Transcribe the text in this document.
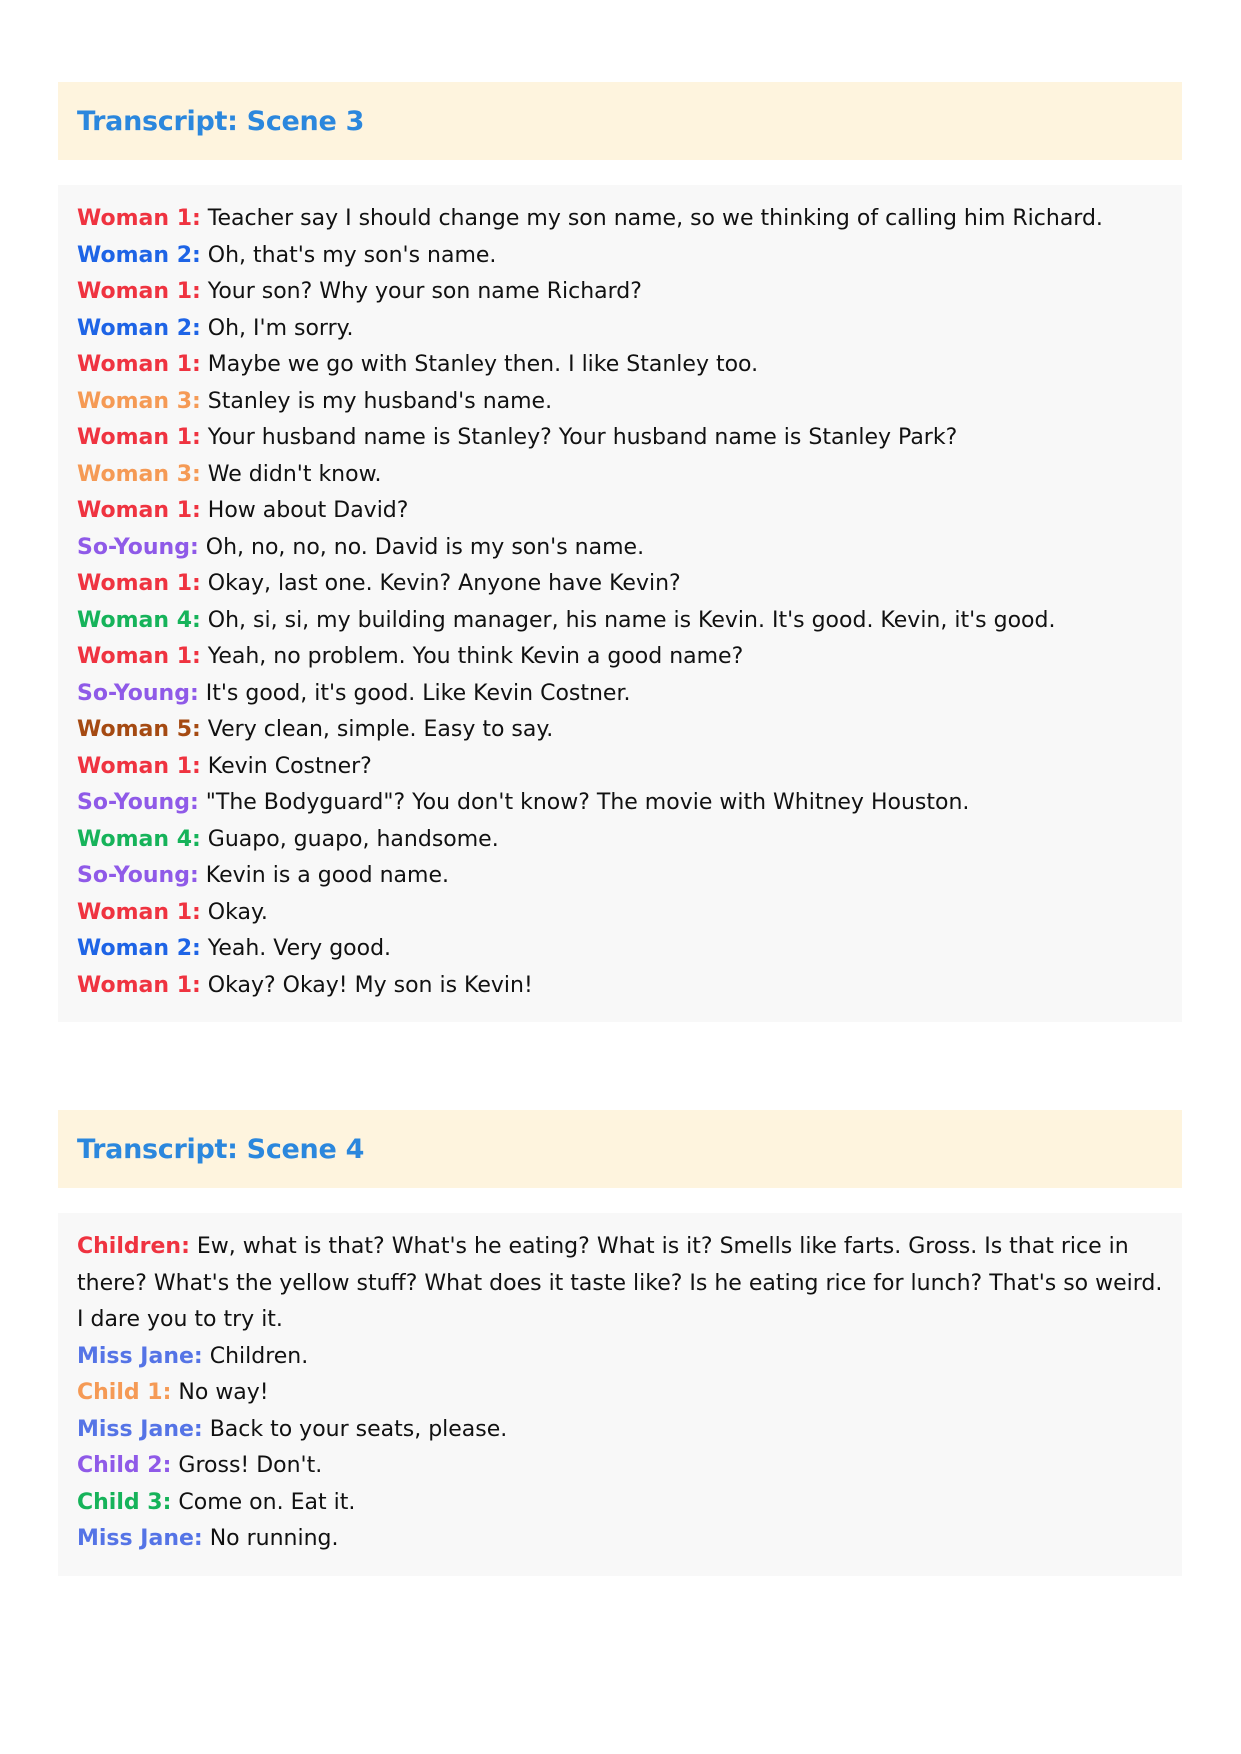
Transcript: Scene 3

Woman 1: Teacher say I should change my son name, so we thinking of calling him Richard.

Woman 2: Oh, that's my son's name.

Woman 1: Your son? Why your son name Richard?

Woman 2: Oh, I'm sorry.

Woman 1: Maybe we go with Stanley then. I like Stanley too.

Woman 3: Stanley is my husband's name.

Woman 1: Your husband name is Stanley? Your husband name is Stanley Park?

Woman 3: We didn't know.

Woman 1: How about David?

So-Young: Oh, no, no, no. David is my son's name.

Woman 1: Okay, last one. Kevin? Anyone have Kevin?

Woman 4: Oh, si, si, my building manager, his name is Kevin. It's good. Kevin, it's good.

Woman 1: Yeah, no problem. You think Kevin a good name?

So-Young: It's good, it's good. Like Kevin Costner.

Woman 5: Very clean, simple. Easy to say.

Woman 1: Kevin Costner?

So-Young: "The Bodyguard"? You don't know? The movie with Whitney Houston.

Woman 4: Guapo, guapo, handsome.

So-Young: Kevin is a good name.

Woman 1: Okay.

Woman 2: Yeah. Very good.

Woman 1: Okay? Okay! My son is Kevin!

Transcript: Scene 4

Children: Ew, what is that? What's he eating? What is it? Smells like farts. Gross. Is that rice in there? What's the yellow stuff? What does it taste like? Is he eating rice for lunch? That's so weird. I dare you to try it.

Miss Jane: Children.

Child 1: No way!

Miss Jane: Back to your seats, please.

Child 2: Gross! Don't.

Child 3: Come on. Eat it.

Miss Jane: No running.
